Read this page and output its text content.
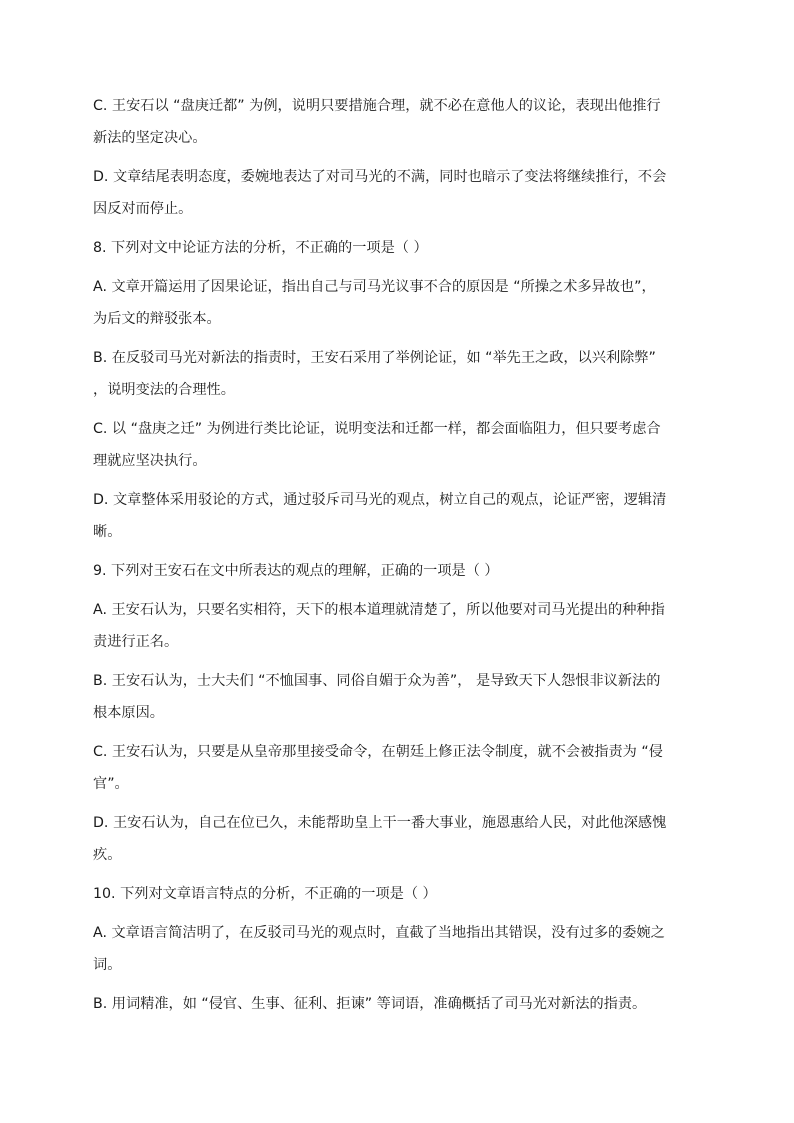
C. 王安石以 “盘庚迁都” 为例，说明只要措施合理，就不必在意他人的议论，表现出他推行

新法的坚定决心。

D. 文章结尾表明态度，委婉地表达了对司马光的不满，同时也暗示了变法将继续推行，不会

因反对而停止。

8. 下列对文中论证方法的分析，不正确的一项是（ ）

A. 文章开篇运用了因果论证，指出自己与司马光议事不合的原因是 “所操之术多异故也”，

为后文的辩驳张本。

B. 在反驳司马光对新法的指责时，王安石采用了举例论证，如 “举先王之政，以兴利除弊”

，说明变法的合理性。

C. 以 “盘庚之迁” 为例进行类比论证，说明变法和迁都一样，都会面临阻力，但只要考虑合

理就应坚决执行。

D. 文章整体采用驳论的方式，通过驳斥司马光的观点，树立自己的观点，论证严密，逻辑清

晰。

9. 下列对王安石在文中所表达的观点的理解，正确的一项是（ ）

A. 王安石认为，只要名实相符，天下的根本道理就清楚了，所以他要对司马光提出的种种指

责进行正名。

B. 王安石认为，士大夫们 “不恤国事、同俗自媚于众为善”， 是导致天下人怨恨非议新法的

根本原因。

C. 王安石认为，只要是从皇帝那里接受命令，在朝廷上修正法令制度，就不会被指责为 “侵

官”。

D. 王安石认为，自己在位已久，未能帮助皇上干一番大事业，施恩惠给人民，对此他深感愧

疚。

10. 下列对文章语言特点的分析，不正确的一项是（ ）

A. 文章语言简洁明了，在反驳司马光的观点时，直截了当地指出其错误，没有过多的委婉之

词。

B. 用词精准，如 “侵官、生事、征利、拒谏” 等词语，准确概括了司马光对新法的指责。
